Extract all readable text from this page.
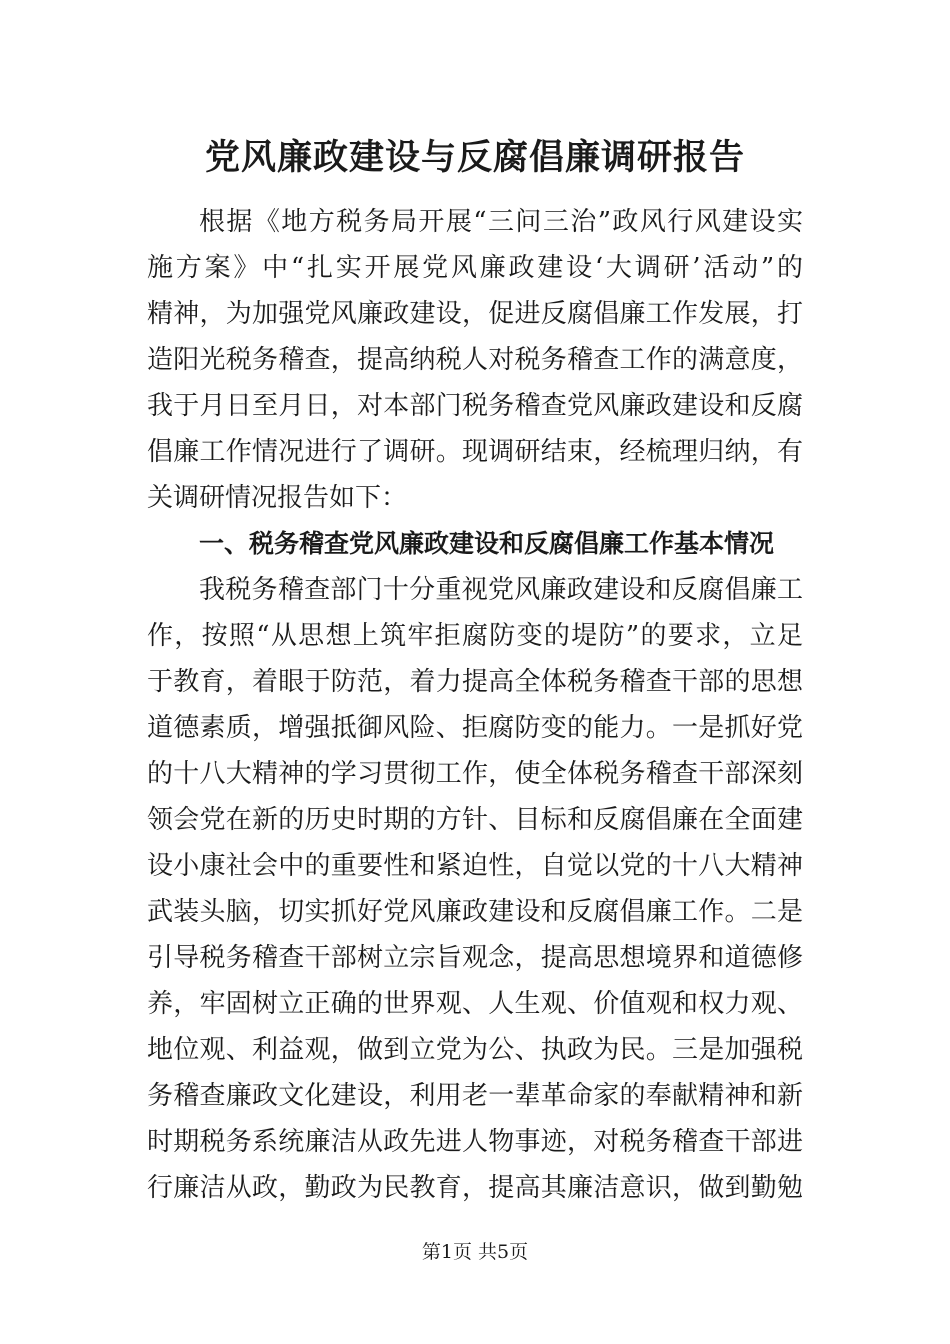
党风廉政建设与反腐倡廉调研报告
根据《地方税务局开展“三问三治”政风行风建设实
施方案》中“扎实开展党风廉政建设‘大调研’活动”的
精神，为加强党风廉政建设，促进反腐倡廉工作发展，打
造阳光税务稽查，提高纳税人对税务稽查工作的满意度，
我于月日至月日，对本部门税务稽查党风廉政建设和反腐
倡廉工作情况进行了调研。现调研结束，经梳理归纳，有
关调研情况报告如下：
一、税务稽查党风廉政建设和反腐倡廉工作基本情况
我税务稽查部门十分重视党风廉政建设和反腐倡廉工
作，按照“从思想上筑牢拒腐防变的堤防”的要求，立足
于教育，着眼于防范，着力提高全体税务稽查干部的思想
道德素质，增强抵御风险、拒腐防变的能力。一是抓好党
的十八大精神的学习贯彻工作，使全体税务稽查干部深刻
领会党在新的历史时期的方针、目标和反腐倡廉在全面建
设小康社会中的重要性和紧迫性，自觉以党的十八大精神
武装头脑，切实抓好党风廉政建设和反腐倡廉工作。二是
引导税务稽查干部树立宗旨观念，提高思想境界和道德修
养，牢固树立正确的世界观、人生观、价值观和权力观、
地位观、利益观，做到立党为公、执政为民。三是加强税
务稽查廉政文化建设，利用老一辈革命家的奉献精神和新
时期税务系统廉洁从政先进人物事迹，对税务稽查干部进
行廉洁从政，勤政为民教育，提高其廉洁意识，做到勤勉
第1页 共5页
